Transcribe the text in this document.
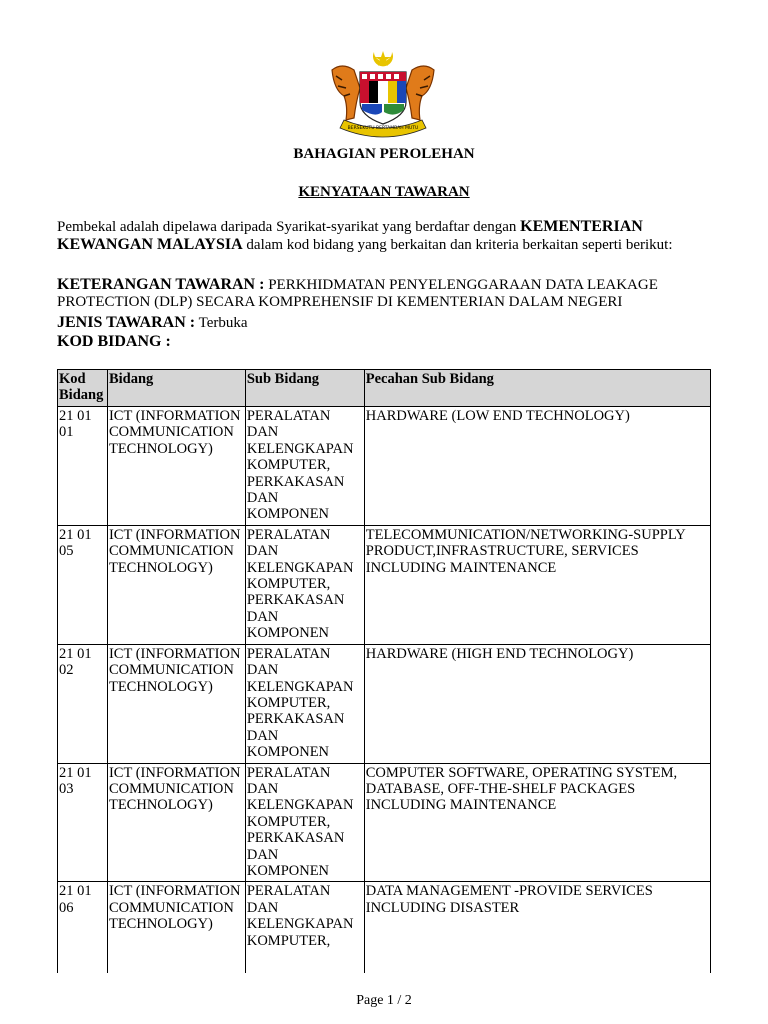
BERSEKUTU BERTAMBAH MUTU
BAHAGIAN PEROLEHAN
KENYATAAN TAWARAN
Pembekal adalah dipelawa daripada Syarikat-syarikat yang berdaftar dengan KEMENTERIAN KEWANGAN MALAYSIA dalam kod bidang yang berkaitan dan kriteria berkaitan seperti berikut:
KETERANGAN TAWARAN : PERKHIDMATAN PENYELENGGARAAN DATA LEAKAGE PROTECTION (DLP) SECARA KOMPREHENSIF DI KEMENTERIAN DALAM NEGERI
JENIS TAWARAN : Terbuka
KOD BIDANG :
Kod Bidang	Bidang	Sub Bidang	Pecahan Sub Bidang
21 01 01	ICT (INFORMATION COMMUNICATION TECHNOLOGY)	PERALATAN DAN KELENGKAPAN KOMPUTER, PERKAKASAN DAN KOMPONEN	HARDWARE (LOW END TECHNOLOGY)
21 01 05	ICT (INFORMATION COMMUNICATION TECHNOLOGY)	PERALATAN DAN KELENGKAPAN KOMPUTER, PERKAKASAN DAN KOMPONEN	TELECOMMUNICATION/NETWORKING-SUPPLY PRODUCT,INFRASTRUCTURE, SERVICES INCLUDING MAINTENANCE
21 01 02	ICT (INFORMATION COMMUNICATION TECHNOLOGY)	PERALATAN DAN KELENGKAPAN KOMPUTER, PERKAKASAN DAN KOMPONEN	HARDWARE (HIGH END TECHNOLOGY)
21 01 03	ICT (INFORMATION COMMUNICATION TECHNOLOGY)	PERALATAN DAN KELENGKAPAN KOMPUTER, PERKAKASAN DAN KOMPONEN	COMPUTER SOFTWARE, OPERATING SYSTEM, DATABASE, OFF-THE-SHELF PACKAGES INCLUDING MAINTENANCE
21 01 06	ICT (INFORMATION COMMUNICATION TECHNOLOGY)	PERALATAN DAN KELENGKAPAN KOMPUTER,	DATA MANAGEMENT -PROVIDE SERVICES INCLUDING DISASTER
Page 1 / 2
